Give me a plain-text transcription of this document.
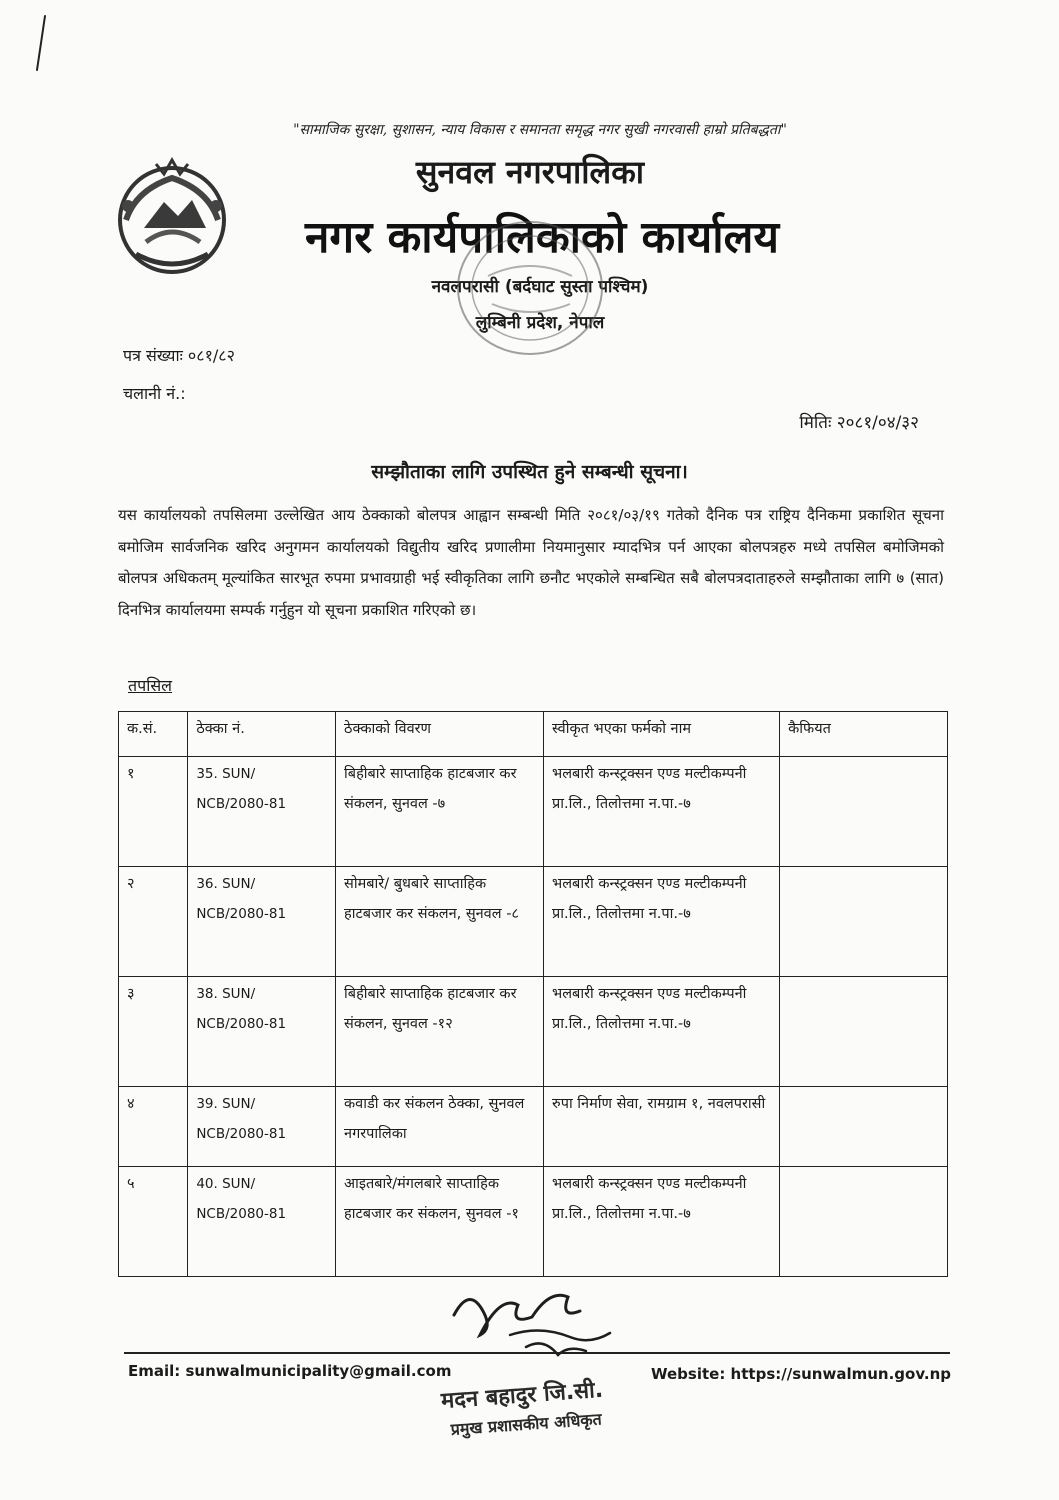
"सामाजिक सुरक्षा, सुशासन, न्याय विकास र समानता समृद्ध नगर सुखी नगरवासी हाम्रो प्रतिबद्धता"
सुनवल नगरपालिका
नगर कार्यपालिकाको कार्यालय
नवलपरासी (बर्दघाट सुस्ता पश्चिम)
लुम्बिनी प्रदेश, नेपाल
पत्र संख्याः ०८१/८२
चलानी नं.:
मितिः २०८१/०४/३२
सम्झौताका लागि उपस्थित हुने सम्बन्धी सूचना।
यस कार्यालयको तपसिलमा उल्लेखित आय ठेक्काको बोलपत्र आह्वान सम्बन्धी मिति २०८१/०३/१९ गतेको दैनिक पत्र राष्ट्रिय दैनिकमा प्रकाशित सूचना बमोजिम सार्वजनिक खरिद अनुगमन कार्यालयको विद्युतीय खरिद प्रणालीमा नियमानुसार म्यादभित्र पर्न आएका बोलपत्रहरु मध्ये तपसिल बमोजिमको बोलपत्र अधिकतम् मूल्यांकित सारभूत रुपमा प्रभावग्राही भई स्वीकृतिका लागि छनौट भएकोले सम्बन्धित सबै बोलपत्रदाताहरुले सम्झौताका लागि ७ (सात) दिनभित्र कार्यालयमा सम्पर्क गर्नुहुन यो सूचना प्रकाशित गरिएको छ।
तपसिल
क.सं.	ठेक्का नं.	ठेक्काको विवरण	स्वीकृत भएका फर्मको नाम	कैफियत
१	35. SUN/ NCB/2080-81	बिहीबारे साप्ताहिक हाटबजार कर संकलन, सुनवल -७	भलबारी कन्स्ट्रक्सन एण्ड मल्टीकम्पनी प्रा.लि., तिलोत्तमा न.पा.-७	
२	36. SUN/ NCB/2080-81	सोमबारे/ बुधबारे साप्ताहिक हाटबजार कर संकलन, सुनवल -८	भलबारी कन्स्ट्रक्सन एण्ड मल्टीकम्पनी प्रा.लि., तिलोत्तमा न.पा.-७	
३	38. SUN/ NCB/2080-81	बिहीबारे साप्ताहिक हाटबजार कर संकलन, सुनवल -१२	भलबारी कन्स्ट्रक्सन एण्ड मल्टीकम्पनी प्रा.लि., तिलोत्तमा न.पा.-७	
४	39. SUN/ NCB/2080-81	कवाडी कर संकलन ठेक्का, सुनवल नगरपालिका	रुपा निर्माण सेवा, रामग्राम १, नवलपरासी	
५	40. SUN/ NCB/2080-81	आइतबारे/मंगलबारे साप्ताहिक हाटबजार कर संकलन, सुनवल -१	भलबारी कन्स्ट्रक्सन एण्ड मल्टीकम्पनी प्रा.लि., तिलोत्तमा न.पा.-७	
Email: sunwalmunicipality@gmail.com	Website: https://sunwalmun.gov.np
मदन बहादुर जि.सी.
प्रमुख प्रशासकीय अधिकृत
